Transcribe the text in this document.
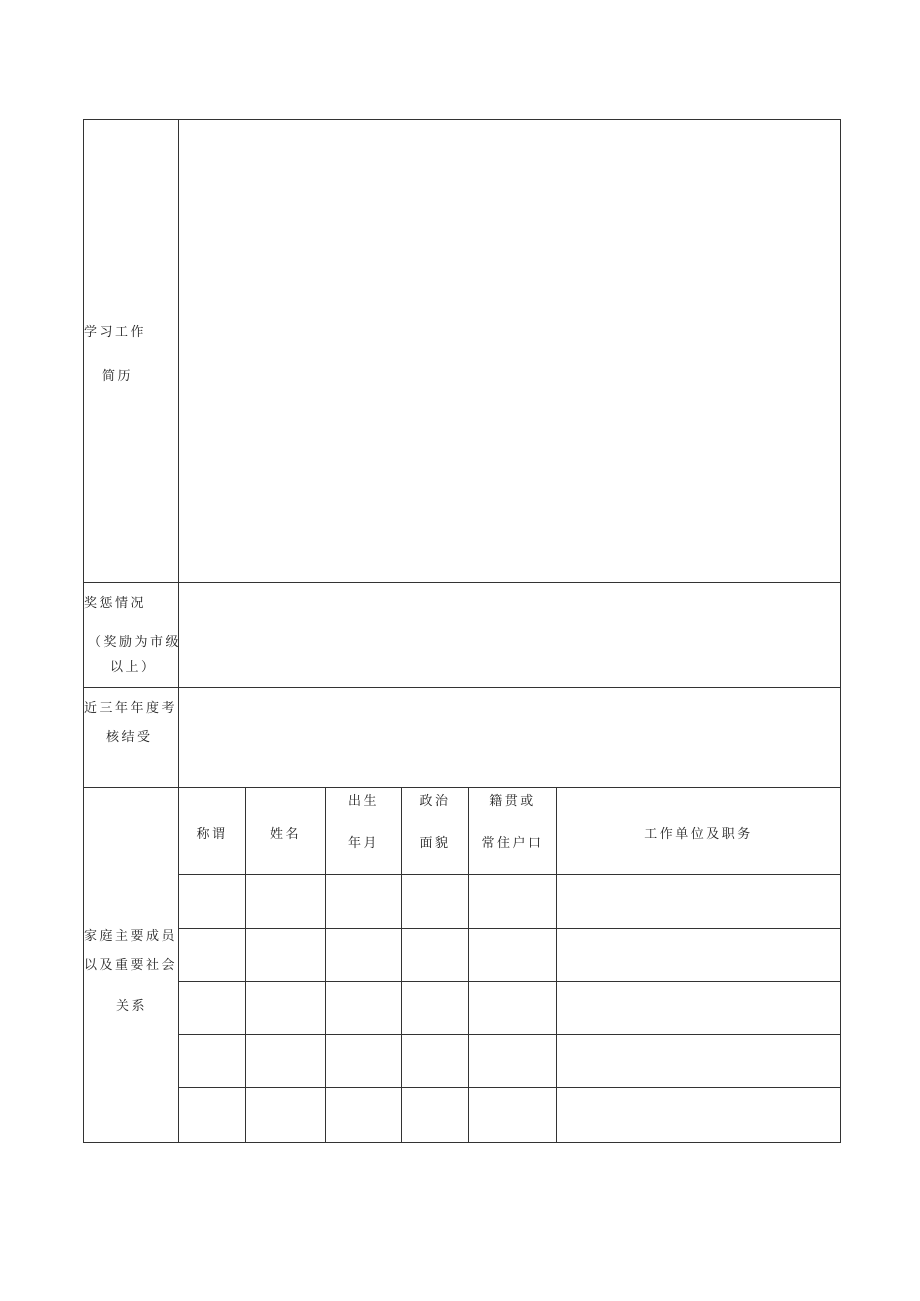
学习工作
简历
奖惩情况
（奖励为市级
以上）
近三年年度考
核结受
家庭主要成员
以及重要社会
关系
称谓	姓名
出生
年月
政治
面貌
籍贯或
常住户口
工作单位及职务
